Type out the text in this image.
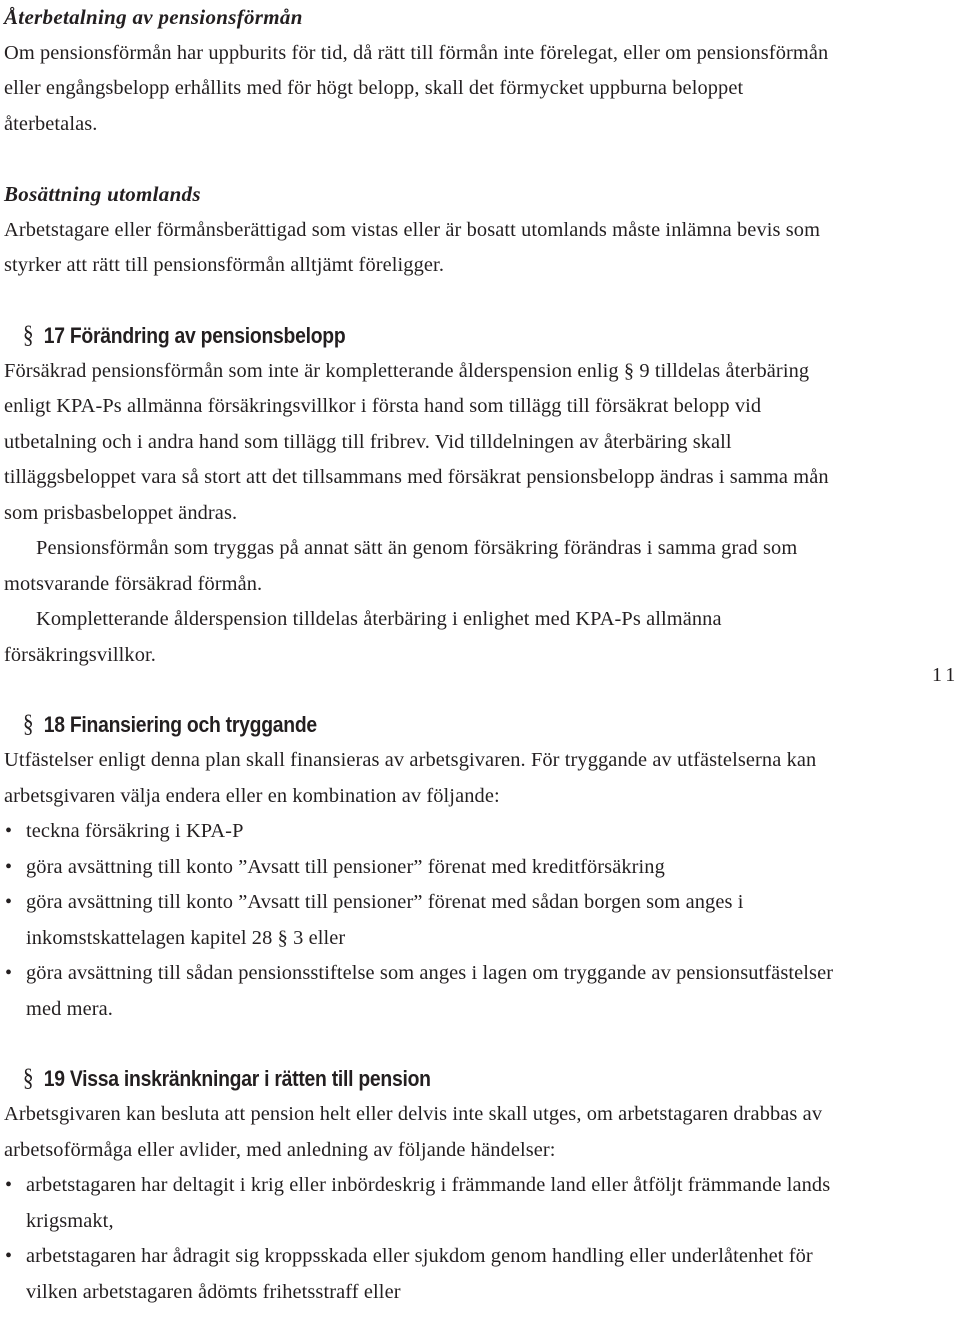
Återbetalning av pensionsförmån

Om pensionsförmån har uppburits för tid, då rätt till förmån inte förelegat, eller om pensionsförmån eller engångsbelopp erhållits med för högt belopp, skall det förmycket uppburna beloppet återbetalas.

Bosättning utomlands

Arbetstagare eller förmånsberättigad som vistas eller är bosatt utomlands måste inlämna bevis som styrker att rätt till pensionsförmån alltjämt föreligger.

§ 17 Förändring av pensionsbelopp

Försäkrad pensionsförmån som inte är kompletterande ålderspension enlig § 9 tilldelas återbäring enligt KPA-Ps allmänna försäkringsvillkor i första hand som tillägg till försäkrat belopp vid utbetalning och i andra hand som tillägg till fribrev. Vid tilldelningen av återbäring skall tilläggsbeloppet vara så stort att det tillsammans med försäkrat pensionsbelopp ändras i samma mån som prisbasbeloppet ändras.

Pensionsförmån som tryggas på annat sätt än genom försäkring förändras i samma grad som motsvarande försäkrad förmån.

Kompletterande ålderspension tilldelas återbäring i enlighet med KPA-Ps allmänna försäkringsvillkor.

§ 18 Finansiering och tryggande

Utfästelser enligt denna plan skall finansieras av arbetsgivaren. För tryggande av utfästelserna kan arbetsgivaren välja endera eller en kombination av följande:

• teckna försäkring i KPA-P
• göra avsättning till konto ”Avsatt till pensioner” förenat med kreditförsäkring
• göra avsättning till konto ”Avsatt till pensioner” förenat med sådan borgen som anges i inkomstskattelagen kapitel 28 § 3 eller
• göra avsättning till sådan pensionsstiftelse som anges i lagen om tryggande av pensionsutfästelser med mera.
§ 19 Vissa inskränkningar i rätten till pension

Arbetsgivaren kan besluta att pension helt eller delvis inte skall utges, om arbetstagaren drabbas av arbetsoförmåga eller avlider, med anledning av följande händelser:

• arbetstagaren har deltagit i krig eller inbördeskrig i främmande land eller åtföljt främmande lands krigsmakt,
• arbetstagaren har ådragit sig kroppsskada eller sjukdom genom handling eller underlåtenhet för vilken arbetstagaren ådömts frihetsstraff eller
11
